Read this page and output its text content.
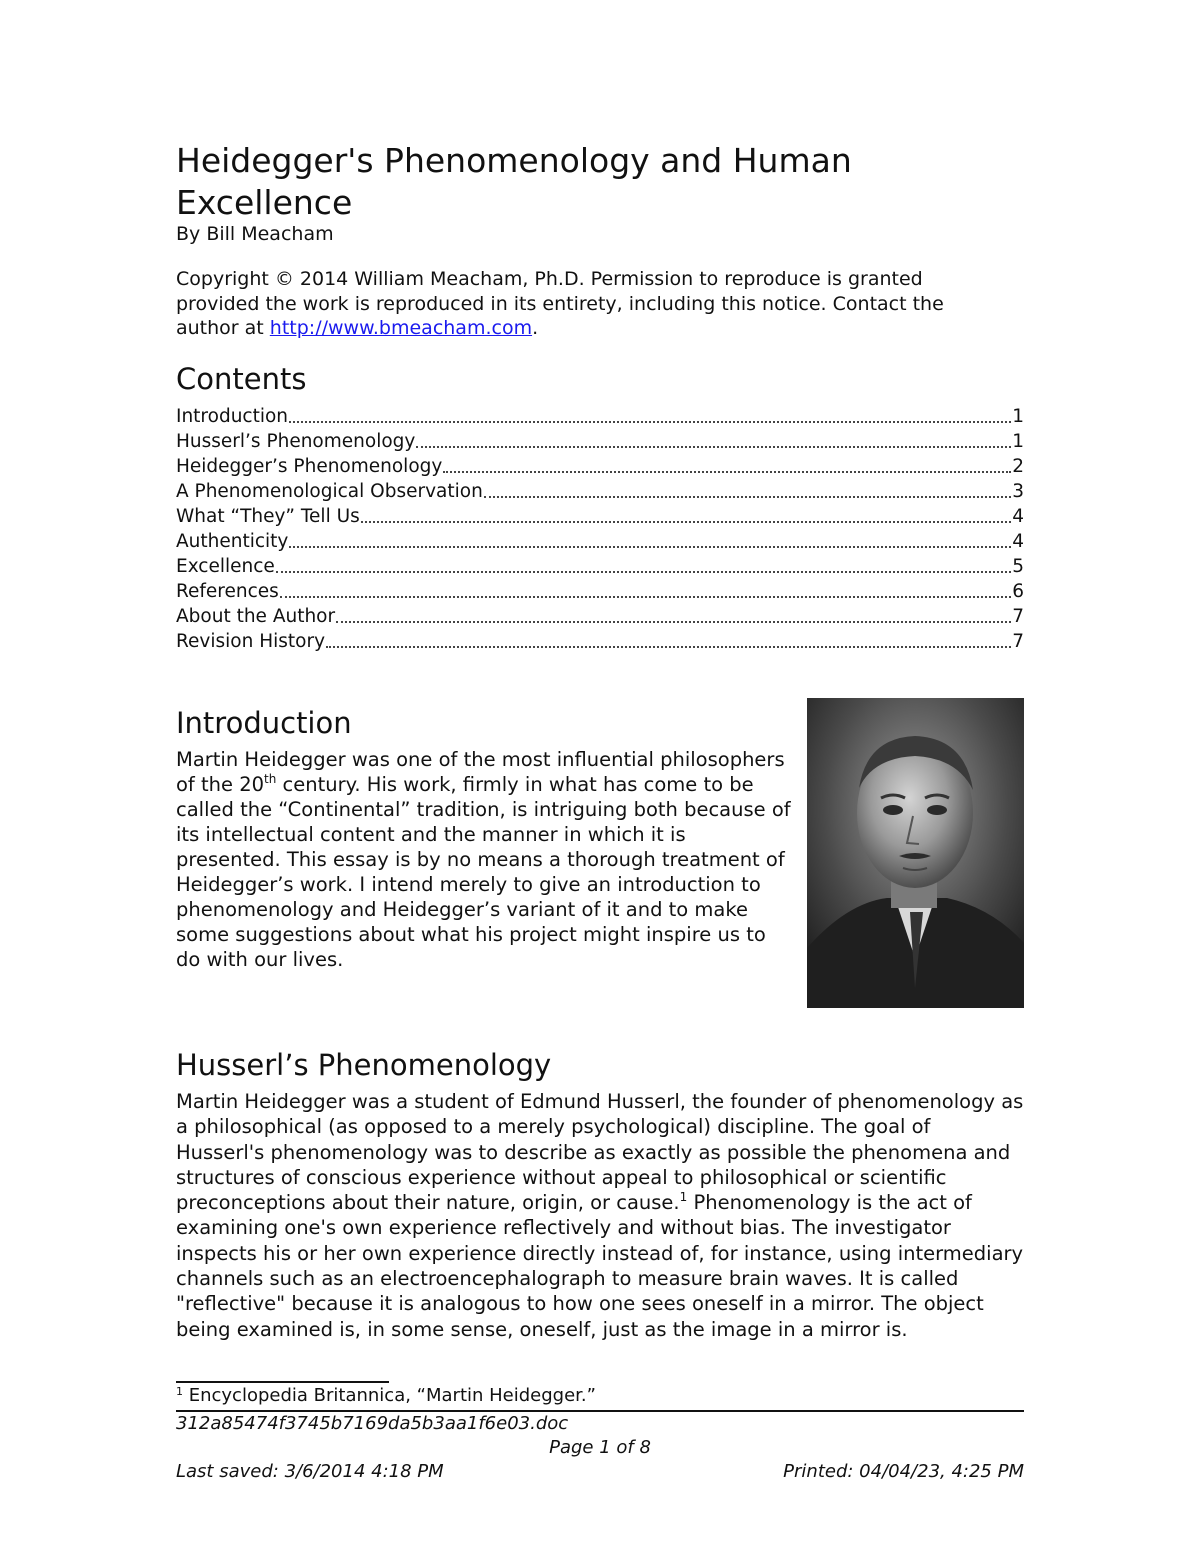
Heidegger's Phenomenology and Human Excellence
By Bill Meacham
Copyright © 2014 William Meacham, Ph.D. Permission to reproduce is granted provided the work is reproduced in its entirety, including this notice. Contact the author at http://www.bmeacham.com.
Contents
Introduction	1
Husserl’s Phenomenology	1
Heidegger’s Phenomenology	2
A Phenomenological Observation	3
What “They” Tell Us	4
Authenticity	4
Excellence	5
References	6
About the Author	7
Revision History	7
Introduction
Martin Heidegger was one of the most influential philosophers of the 20th century. His work, firmly in what has come to be called the “Continental” tradition, is intriguing both because of its intellectual content and the manner in which it is presented. This essay is by no means a thorough treatment of Heidegger’s work. I intend merely to give an introduction to phenomenology and Heidegger’s variant of it and to make some suggestions about what his project might inspire us to do with our lives.
Husserl’s Phenomenology
Martin Heidegger was a student of Edmund Husserl, the founder of phenomenology as a philosophical (as opposed to a merely psychological) discipline. The goal of Husserl's phenomenology was to describe as exactly as possible the phenomena and structures of conscious experience without appeal to philosophical or scientific preconceptions about their nature, origin, or cause.$^1$ Phenomenology is the act of examining one's own experience reflectively and without bias. The investigator inspects his or her own experience directly instead of, for instance, using intermediary channels such as an electroencephalograph to measure brain waves. It is called "reflective" because it is analogous to how one sees oneself in a mirror. The object being examined is, in some sense, oneself, just as the image in a mirror is.
$^1$ Encyclopedia Britannica, “Martin Heidegger.”
312a85474f3745b7169da5b3aa1f6e03.doc
Page 1 of 8
Last saved: 3/6/2014 4:18 PM	Printed: 04/04/23, 4:25 PM
